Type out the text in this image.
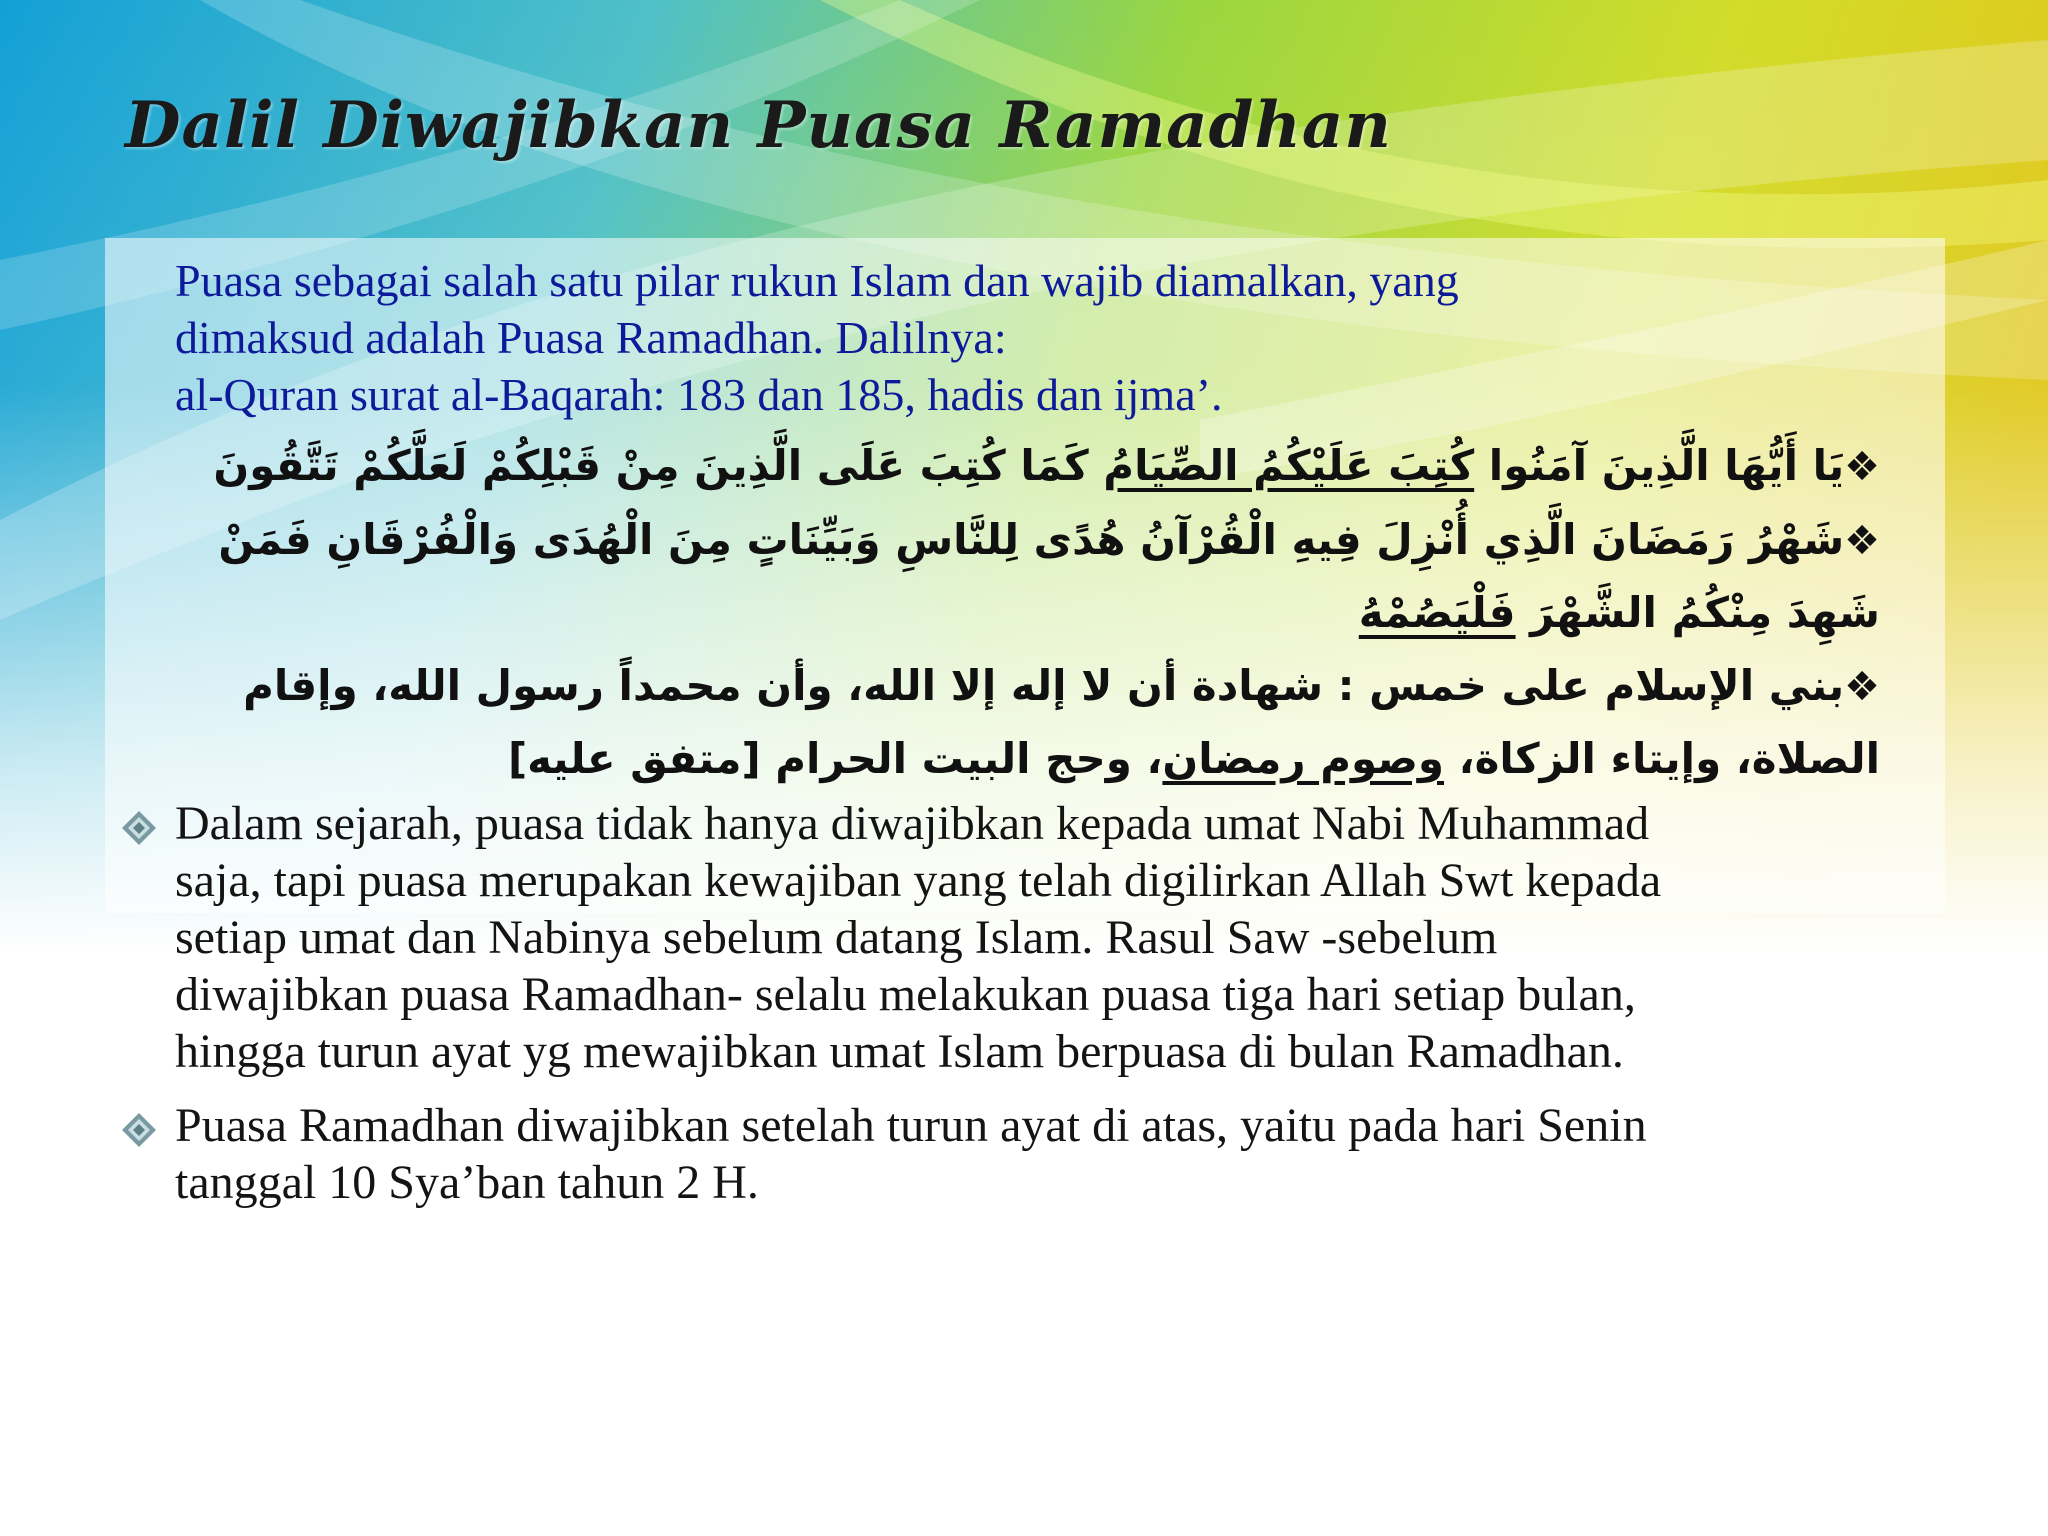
Dalil Diwajibkan Puasa Ramadhan

Puasa sebagai salah satu pilar rukun Islam dan wajib diamalkan, yang

dimaksud adalah Puasa Ramadhan. Dalilnya:

al-Quran surat al-Baqarah: 183 dan 185, hadis dan ijma’.

❖يَا أَيُّهَا الَّذِينَ آمَنُوا كُتِبَ عَلَيْكُمُ الصِّيَامُ كَمَا كُتِبَ عَلَى الَّذِينَ مِنْ قَبْلِكُمْ لَعَلَّكُمْ تَتَّقُونَ

❖شَهْرُ رَمَضَانَ الَّذِي أُنْزِلَ فِيهِ الْقُرْآنُ هُدًى لِلنَّاسِ وَبَيِّنَاتٍ مِنَ الْهُدَى وَالْفُرْقَانِ فَمَنْ شَهِدَ مِنْكُمُ الشَّهْرَ فَلْيَصُمْهُ

❖بني الإسلام على خمس : شهادة أن لا إله إلا الله، وأن محمداً رسول الله، وإقام الصلاة، وإيتاء الزكاة، وصوم رمضان، وحج البيت الحرام [متفق عليه]

Dalam sejarah, puasa tidak hanya diwajibkan kepada umat Nabi Muhammad

saja, tapi puasa merupakan kewajiban yang telah digilirkan Allah Swt kepada

setiap umat dan Nabinya sebelum datang Islam. Rasul Saw -sebelum

diwajibkan puasa Ramadhan- selalu melakukan puasa tiga hari setiap bulan,

hingga turun ayat yg mewajibkan umat Islam berpuasa di bulan Ramadhan.

Puasa Ramadhan diwajibkan setelah turun ayat di atas, yaitu pada hari Senin

tanggal 10 Sya’ban tahun 2 H.
